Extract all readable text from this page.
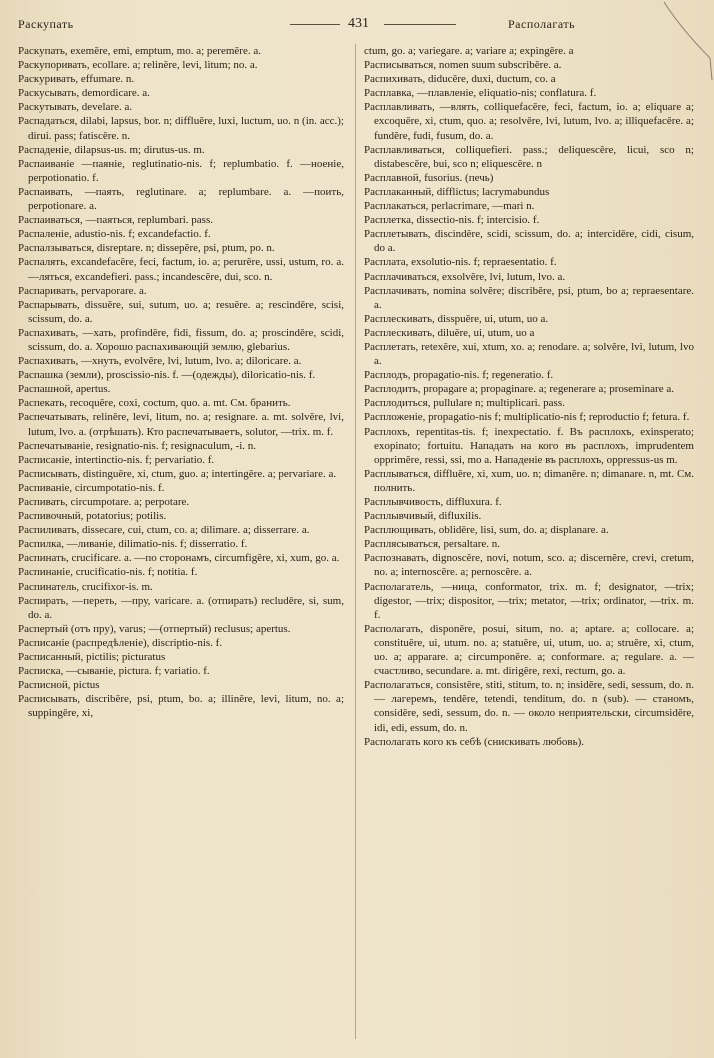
Раскупать	431	Располагать

Раскупать, exemĕre, emi, emptum, mo. a; peremĕre. a.

Раскупоривать, ecollare. a; relinĕre, levi, litum; no. a.

Раскуривать, effumare. n.

Раскусывать, demordicare. a.

Раскутывать, develare. a.

Распадаться, dilabi, lapsus, bor. n; diffluĕre, luxi, luctum, uo. n (in. acc.); dirui. pass; fatiscĕre. n.

Распаденіе, dilapsus-us. m; dirutus-us. m.

Распаиваніе —паяніе, reglutinatio-nis. f; replumbatio. f. —ноеніе, perpotionatio. f.

Распаивать, —паять, reglutinare. a; replumbare. a. —поить, perpotionare. a.

Распаиваться, —паяться, replumbari. pass.

Распаленіе, adustio-nis. f; excandefactio. f.

Распалзываться, disreptare. n; dissepĕre, psi, ptum, po. n.

Распалять, excandefacĕre, feci, factum, io. a; perurĕre, ussi, ustum, ro. a. —ляться, excandefieri. pass.; incandescĕre, dui, sco. n.

Распаривать, pervaporare. a.

Распарывать, dissuĕre, sui, sutum, uo. a; resuĕre. a; rescindĕre, scisi, scissum, do. a.

Распахивать, —хать, profindĕre, fidi, fissum, do. a; proscindĕre, scidi, scissum, do. a. Хорошо распахивающій землю, glebarius.

Распахивать, —хнуть, evolvĕre, lvi, lutum, lvo. a; diloricare. a.

Распашка (земли), proscissio-nis. f. —(одежды), diloricatio-nis. f.

Распашной, apertus.

Распекать, recoquĕre, coxi, coctum, quo. a. mt. См. бранить.

Распечатывать, relinĕre, levi, litum, no. a; resignare. a. mt. solvĕre, lvi, lutum, lvo. a. (отрѣшать). Кто распечатываетъ, solutor, —trix. m. f.

Распечатываніе, resignatio-nis. f; resignaculum, -i. n.

Расписаніе, intertinctio-nis. f; pervariatio. f.

Расписывать, distinguĕre, xi, ctum, guo. a; intertingĕre. a; pervariare. a.

Распиваніе, circumpotatio-nis. f.

Распивать, circumpotare. a; perpotare.

Распивочный, potatorius; potilis.

Распиливать, dissecare, cui, ctum, co. a; dilimare. a; disserrare. a.

Распилка, —ливаніе, dilimatio-nis. f; disserratio. f.

Распинать, crucificare. a. —по сторонамъ, circumfigĕre, xi, xum, go. a.

Распинаніе, crucificatio-nis. f; notitia. f.

Распинатель, crucifixor-is. m.

Распирать, —переть, —пру, varicare. a. (отпирать) recludĕre, si, sum, do. a.

Распертый (отъ пру), varus; —(отпертый) reclusus; apertus.

Расписаніе (распредѣленіе), discriptio-nis. f.

Расписанный, pictilis; picturatus

Расписка, —сываніе, pictura. f; variatio. f.

Расписной, pictus

Расписывать, discribĕre, psi, ptum, bo. a; illinĕre, levi, litum, no. a; suppingĕre, xi,

ctum, go. a; variegare. a; variare a; expingĕre. a

Расписываться, nomen suum subscribĕre. a.

Распихивать, diducĕre, duxi, ductum, co. a

Расплавка, —плавленіе, eliquatio-nis; conflatura. f.

Расплавливать, —влять, colliquefacĕre, feci, factum, io. a; eliquare a; excoquĕre, xi, ctum, quo. a; resolvĕre, lvi, lutum, lvo. a; illiquefacĕre. a; fundĕre, fudi, fusum, do. a.

Расплавливаться, colliquefieri. pass.; deliquescĕre, licui, sco n; distabescĕre, bui, sco n; eliquescĕre. n

Расплавной, fusorius. (печь)

Расплаканный, difflictus; lacrymabundus

Расплакаться, perlacrimare, —mari n.

Расплетка, dissectio-nis. f; intercisio. f.

Расплетывать, discindĕre, scidi, scissum, do. a; intercidĕre, cidi, cisum, do a.

Расплата, exsolutio-nis. f; repraesentatio. f.

Расплачиваться, exsolvĕre, lvi, lutum, lvo. a.

Расплачивать, nomina solvĕre; discribĕre, psi, ptum, bo a; repraesentare. a.

Расплескивать, disspuĕre, ui, utum, uo a.

Расплескивать, diluĕre, ui, utum, uo a

Расплетать, retexĕre, xui, xtum, xo. a; renodare. a; solvĕre, lvi, lutum, lvo a.

Расплодъ, propagatio-nis. f; regeneratio. f.

Расплодить, propagare a; propaginare. a; regenerare a; proseminare a.

Расплодиться, pullulare n; multiplicari. pass.

Распложеніе, propagatio-nis f; multiplicatio-nis f; reproductio f; fetura. f.

Расплохъ, repentitas-tis. f; inexpectatio. f. Въ расплохъ, exinsperato; exopinato; fortuitu. Нападать на кого въ расплохъ, imprudentem opprimĕre, ressi, ssi, mo a. Нападеніе въ расплохъ, oppressus-us m.

Расплываться, diffluĕre, xi, xum, uo. n; dimanĕre. n; dimanare. n, mt. См. полнить.

Расплывчивость, diffluxura. f.

Расплывчивый, difluxilis.

Расплющивать, oblidĕre, lisi, sum, do. a; displanare. a.

Расплясываться, persaltare. n.

Распознавать, dignoscĕre, novi, notum, sco. a; discernĕre, crevi, cretum, no. a; internoscĕre. a; pernoscĕre. a.

Располагатель, —ница, conformator, trix. m. f; designator, —trix; digestor, —trix; dispositor, —trix; metator, —trix; ordinator, —trix. m. f.

Располагать, disponĕre, posui, situm, no. a; aptare. a; collocare. a; constituĕre, ui, utum. no. a; statuĕre, ui, utum, uo. a; struĕre, xi, ctum, uo. a; apparare. a; circumponĕre. a; conformare. a; regulare. a. — счастливо, secundare. a. mt. dirigĕre, rexi, rectum, go. a.

Располагаться, consistĕre, stiti, stitum, to. n; insidĕre, sedi, sessum, do. n. — лагеремъ, tendĕre, tetendi, tenditum, do. n (sub). — станомъ, considĕre, sedi, sessum, do. n. — около неприятельски, circumsidĕre, idi, edi, essum, do. n.

Располагать кого къ себѣ (снискивать любовь).
